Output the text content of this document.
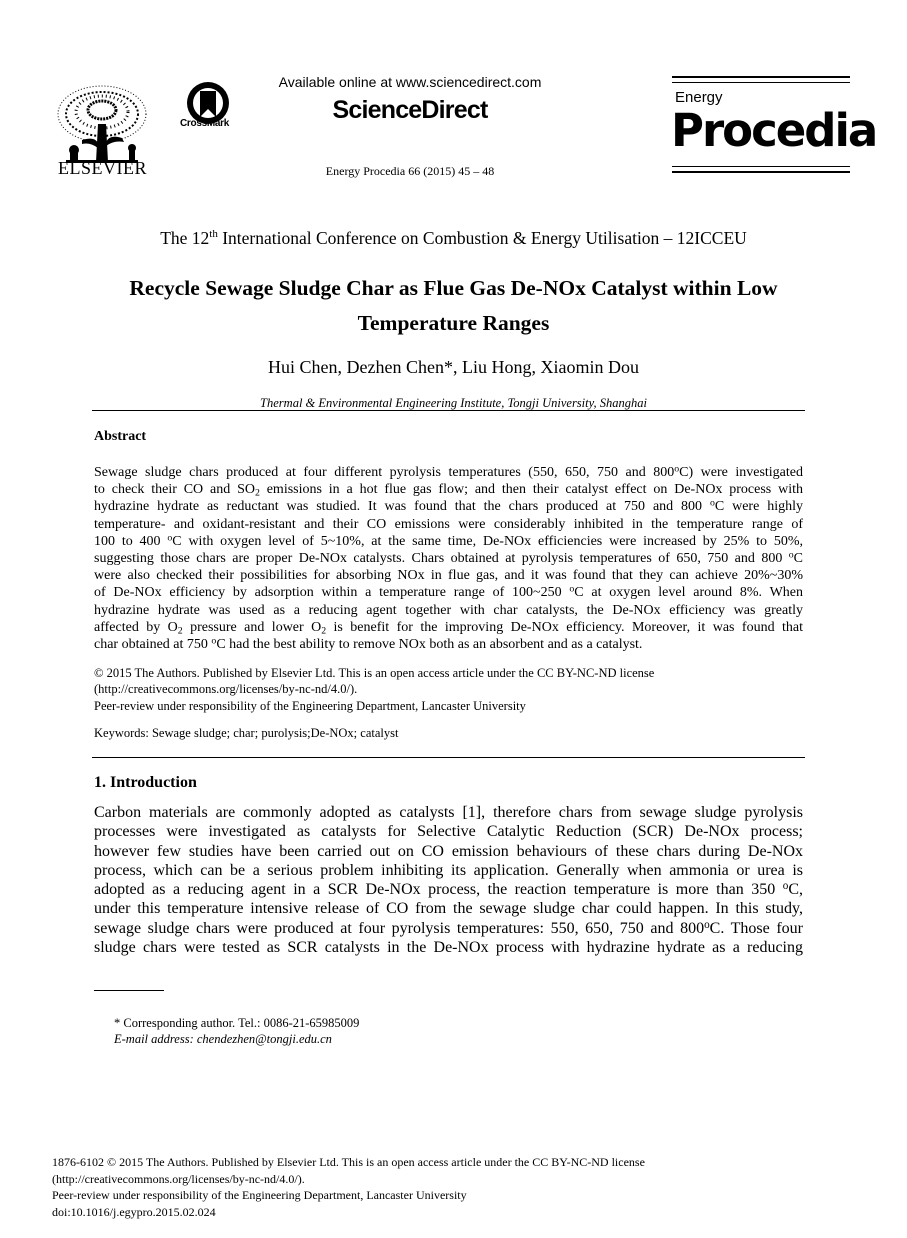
ELSEVIER
CrossMark
Available online at www.sciencedirect.com
ScienceDirect
Energy Procedia 66 (2015) 45 – 48
Energy
Procedia
The 12th International Conference on Combustion & Energy Utilisation – 12ICCEU
Recycle Sewage Sludge Char as Flue Gas De-NOx Catalyst within Low Temperature Ranges
Hui Chen, Dezhen Chen*, Liu Hong, Xiaomin Dou
Thermal & Environmental Engineering Institute, Tongji University, Shanghai
Abstract
Sewage sludge chars produced at four different pyrolysis temperatures (550, 650, 750 and 800$^o$C) were investigated
to check their CO and $SO_2$ emissions in a hot flue gas flow; and then their catalyst effect on De-NOx process with
hydrazine hydrate as reductant was studied. It was found that the chars produced at 750 and 800 $^o$C were highly
temperature- and oxidant-resistant and their CO emissions were considerably inhibited in the temperature range of
100 to 400 $^o$C with oxygen level of 5~10%, at the same time, De-NOx efficiencies were increased by 25% to 50%,
suggesting those chars are proper De-NOx catalysts. Chars obtained at pyrolysis temperatures of 650, 750 and 800 $^o$C
were also checked their possibilities for absorbing NOx in flue gas, and it was found that they can achieve 20%~30%
of De-NOx efficiency by adsorption within a temperature range of 100~250 $^o$C at oxygen level around 8%. When
hydrazine hydrate was used as a reducing agent together with char catalysts, the De-NOx efficiency was greatly
affected by $O_2$ pressure and lower $O_2$ is benefit for the improving De-NOx efficiency. Moreover, it was found that
char obtained at 750 $^o$C had the best ability to remove NOx both as an absorbent and as a catalyst.
© 2015 The Authors. Published by Elsevier Ltd. This is an open access article under the CC BY-NC-ND license
(http://creativecommons.org/licenses/by-nc-nd/4.0/).
Peer-review under responsibility of the Engineering Department, Lancaster University
Keywords: Sewage sludge; char; purolysis;De-NOx; catalyst
1. Introduction
Carbon materials are commonly adopted as catalysts [1], therefore chars from sewage sludge pyrolysis
processes were investigated as catalysts for Selective Catalytic Reduction (SCR) De-NOx process;
however few studies have been carried out on CO emission behaviours of these chars during De-NOx
process, which can be a serious problem inhibiting its application. Generally when ammonia or urea is
adopted as a reducing agent in a SCR De-NOx process, the reaction temperature is more than 350 $^o$C,
under this temperature intensive release of CO from the sewage sludge char could happen. In this study,
sewage sludge chars were produced at four pyrolysis temperatures: 550, 650, 750 and 800$^o$C. Those four
sludge chars were tested as SCR catalysts in the De-NOx process with hydrazine hydrate as a reducing
* Corresponding author. Tel.: 0086-21-65985009
E-mail address: chendezhen@tongji.edu.cn
1876-6102 © 2015 The Authors. Published by Elsevier Ltd. This is an open access article under the CC BY-NC-ND license
(http://creativecommons.org/licenses/by-nc-nd/4.0/).
Peer-review under responsibility of the Engineering Department, Lancaster University
doi:10.1016/j.egypro.2015.02.024
